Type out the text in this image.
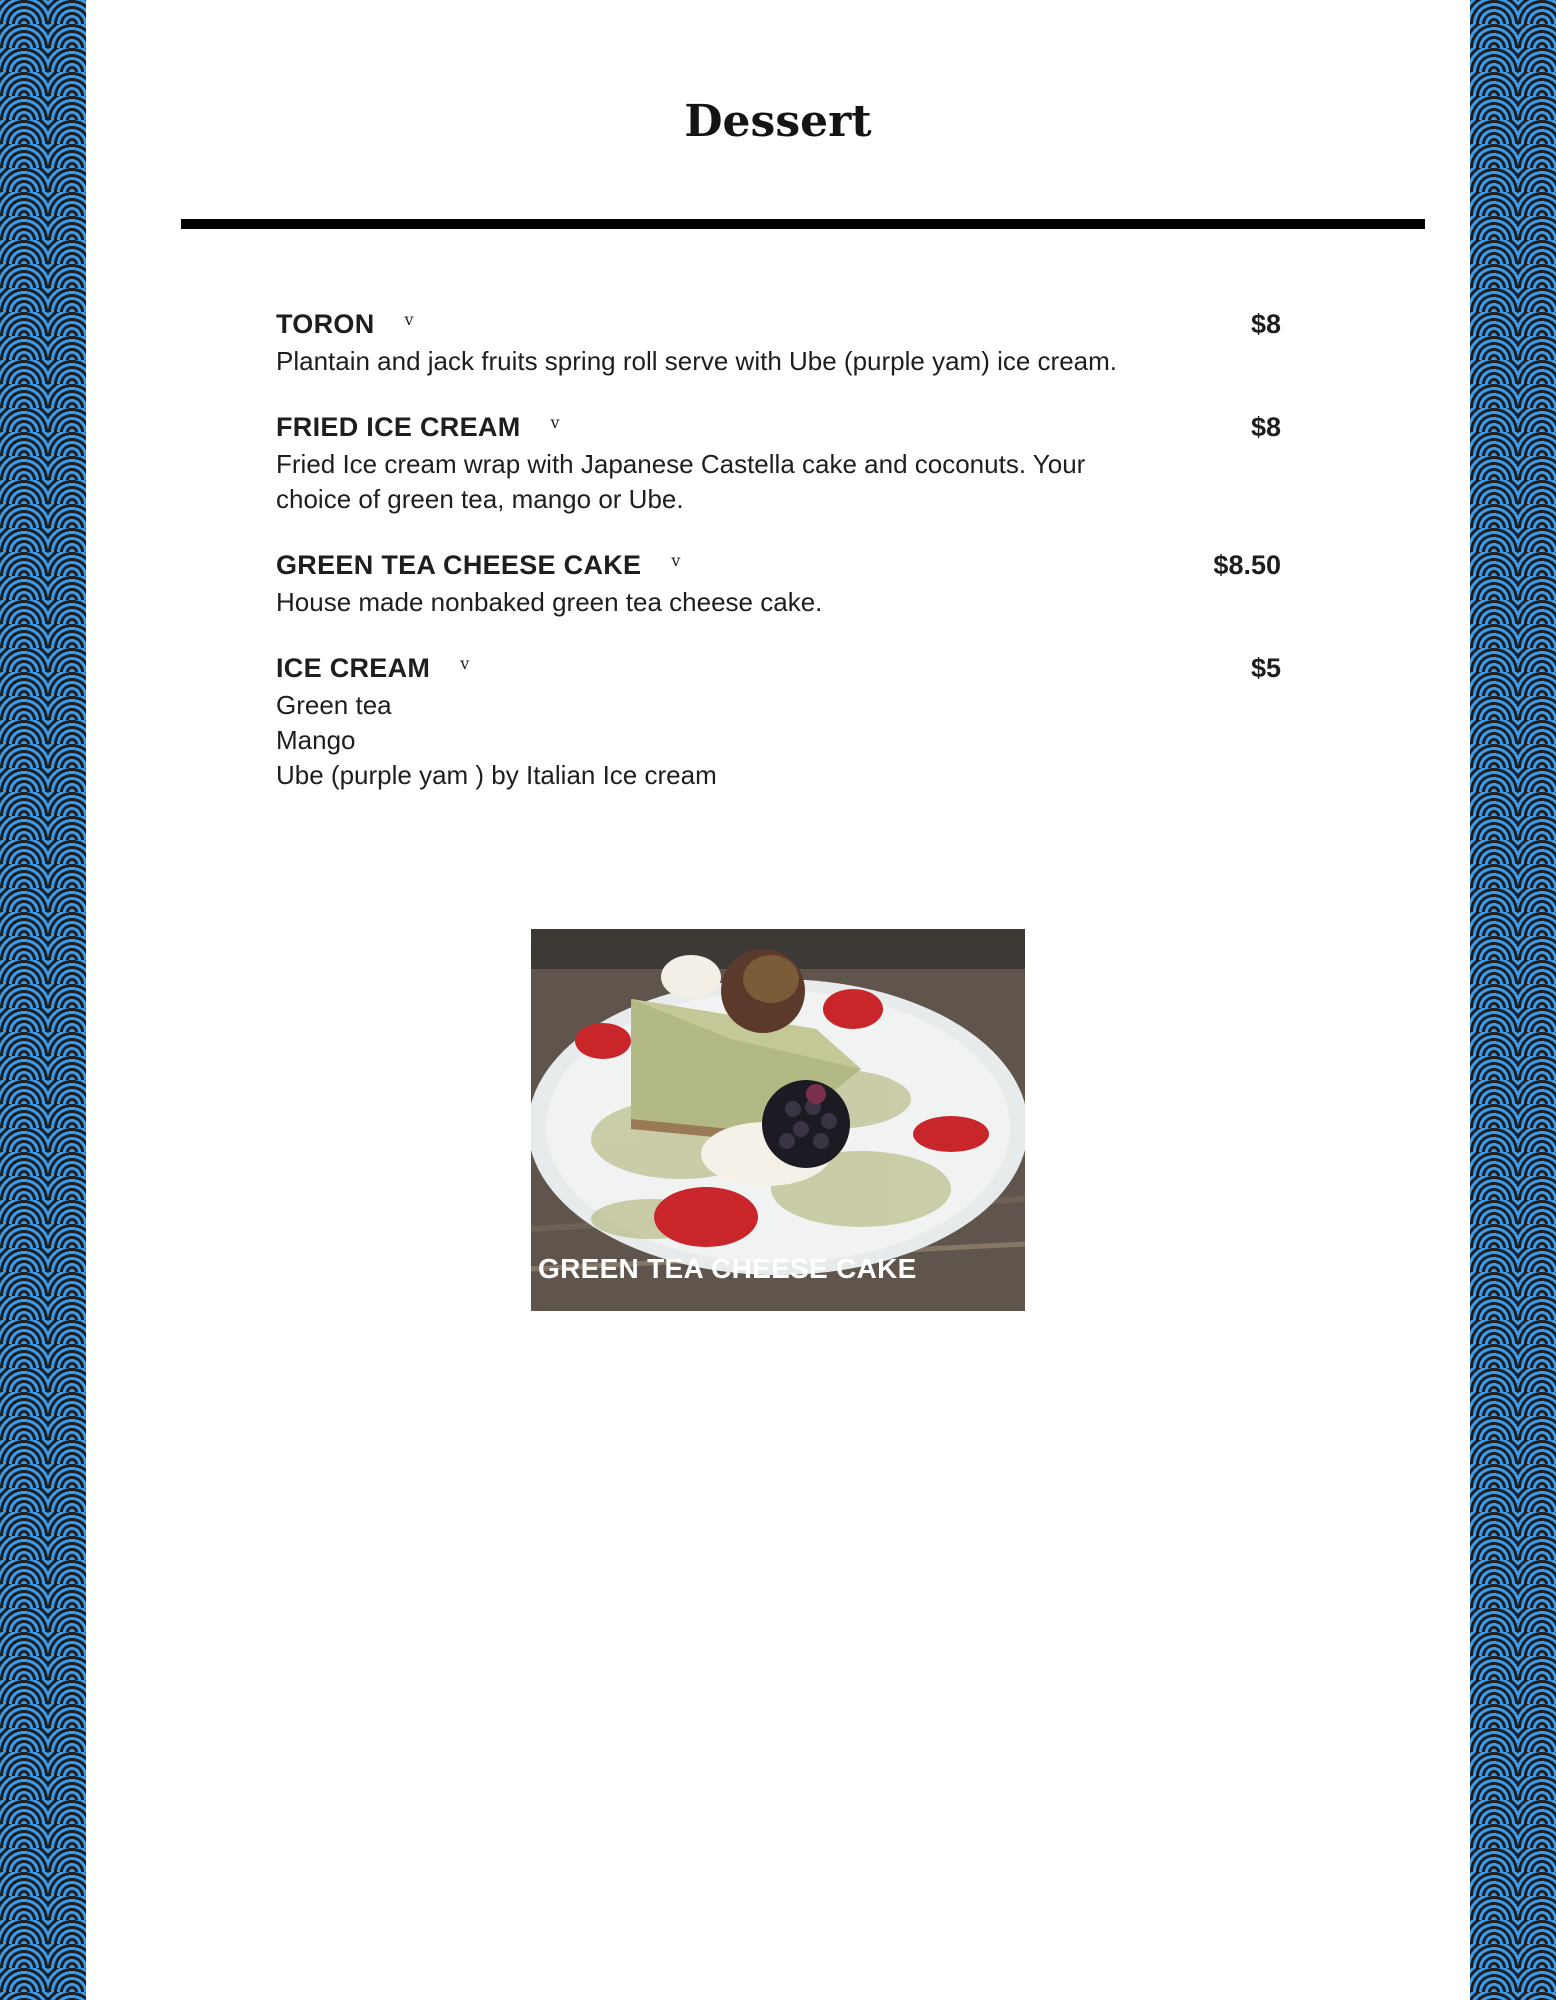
Dessert
TORON v	$8
Plantain and jack fruits spring roll serve with Ube (purple yam) ice cream.
FRIED ICE CREAM v	$8
Fried Ice cream wrap with Japanese Castella cake and coconuts. Your
choice of green tea, mango or Ube.
GREEN TEA CHEESE CAKE v	$8.50
House made nonbaked green tea cheese cake.
ICE CREAM v	$5
Green tea
Mango
Ube (purple yam ) by Italian Ice cream
GREEN TEA CHEESE CAKE
